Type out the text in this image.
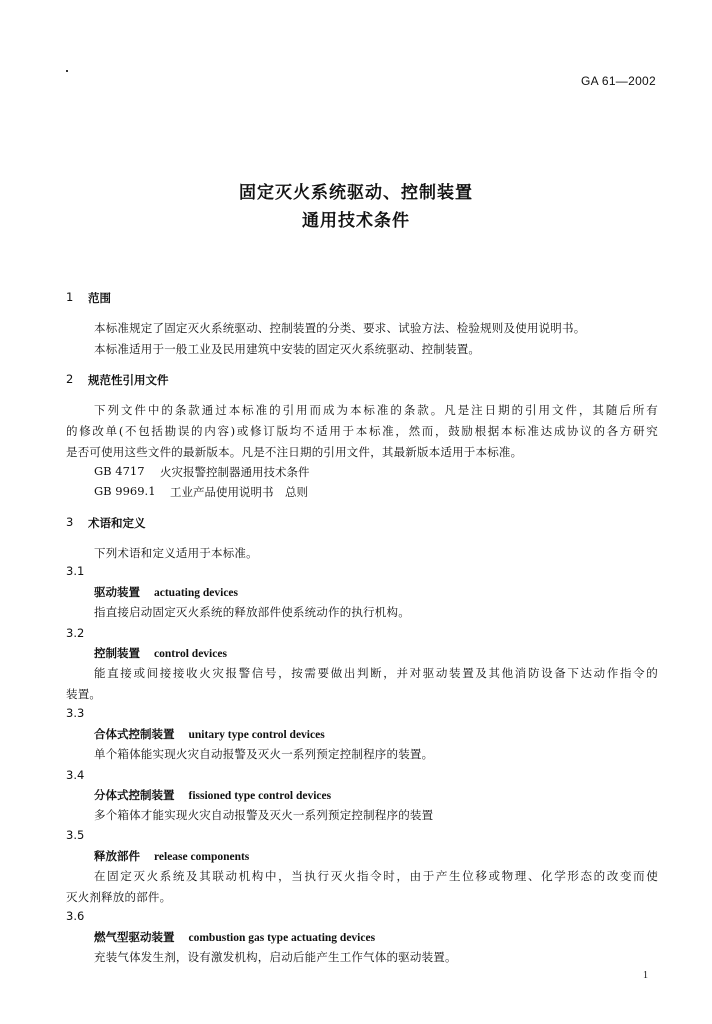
GA 61—2002
固定灭火系统驱动、控制装置
通用技术条件
1 范围
本标准规定了固定灭火系统驱动、控制装置的分类、要求、试验方法、检验规则及使用说明书。
本标准适用于一般工业及民用建筑中安装的固定灭火系统驱动、控制装置。
2 规范性引用文件
下列文件中的条款通过本标准的引用而成为本标准的条款。凡是注日期的引用文件，其随后所有
的修改单(不包括勘误的内容)或修订版均不适用于本标准，然而，鼓励根据本标准达成协议的各方研究
是否可使用这些文件的最新版本。凡是不注日期的引用文件，其最新版本适用于本标准。
GB 4717 火灾报警控制器通用技术条件
GB 9969.1 工业产品使用说明书　总则
3 术语和定义
下列术语和定义适用于本标准。
3.1
驱动装置 actuating devices
指直接启动固定灭火系统的释放部件使系统动作的执行机构。
3.2
控制装置 control devices
能直接或间接接收火灾报警信号，按需要做出判断，并对驱动装置及其他消防设备下达动作指令的
装置。
3.3
合体式控制装置 unitary type control devices
单个箱体能实现火灾自动报警及灭火一系列预定控制程序的装置。
3.4
分体式控制装置 fissioned type control devices
多个箱体才能实现火灾自动报警及灭火一系列预定控制程序的装置
3.5
释放部件 release components
在固定灭火系统及其联动机构中，当执行灭火指令时，由于产生位移或物理、化学形态的改变而使
灭火剂释放的部件。
3.6
燃气型驱动装置 combustion gas type actuating devices
充装气体发生剂，设有激发机构，启动后能产生工作气体的驱动装置。
1
